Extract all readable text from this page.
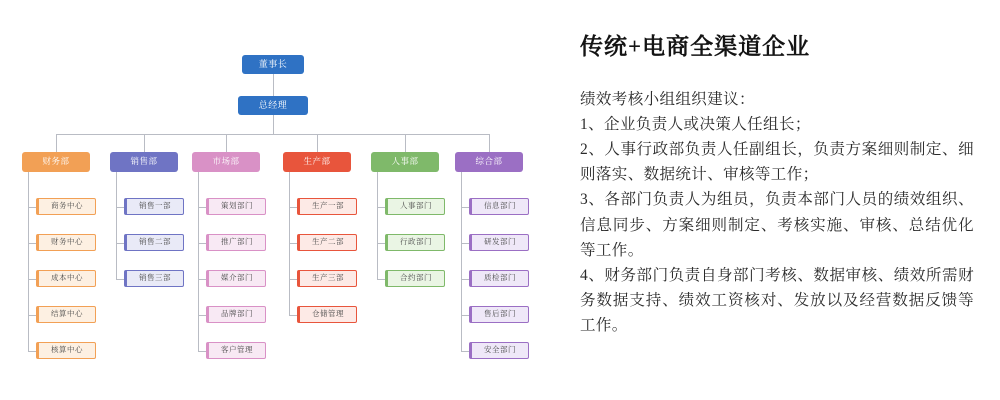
董事长
总经理
财务部
商务中心
财务中心
成本中心
结算中心
核算中心
销售部
销售一部
销售二部
销售三部
市场部
策划部门
推广部门
媒介部门
品牌部门
客户管理
生产部
生产一部
生产二部
生产三部
仓储管理
人事部
人事部门
行政部门
合约部门
综合部
信息部门
研发部门
质检部门
售后部门
安全部门
传统+电商全渠道企业

绩效考核小组组织建议：

1、企业负责人或决策人任组长；

2、人事行政部负责人任副组长，负责方案细则制定、细则落实、数据统计、审核等工作；

3、各部门负责人为组员，负责本部门人员的绩效组织、信息同步、方案细则制定、考核实施、审核、总结优化等工作。

4、财务部门负责自身部门考核、数据审核、绩效所需财务数据支持、绩效工资核对、发放以及经营数据反馈等工作。
